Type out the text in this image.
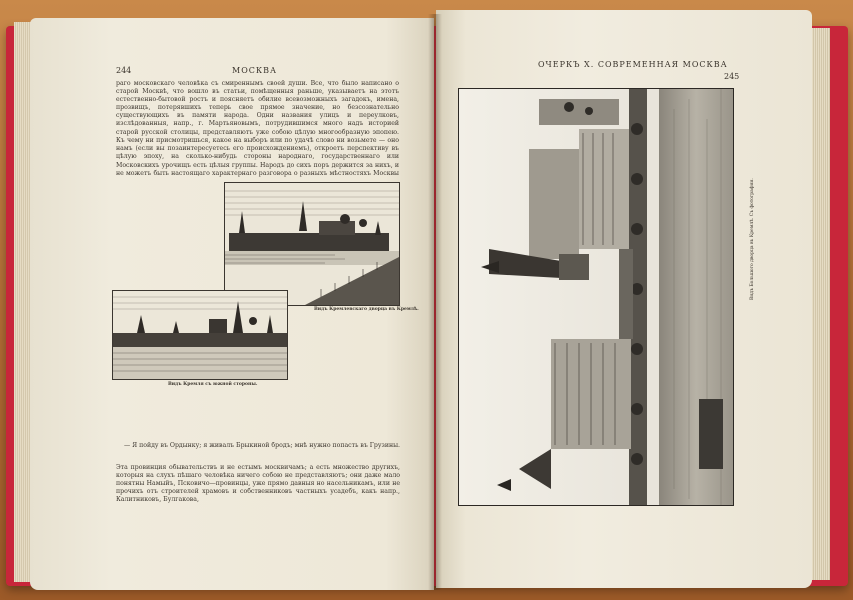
244	МОСКВА

раго московскаго человѣка съ смиреннымъ своей души. Все, что было написано о старой Москвѣ, что вошло въ статьи, помѣщенныя раньше, указываетъ на этотъ естественно-бытовой ростъ и поясняетъ обилие всевозможныхъ загадокъ, имена, прозвищъ, потерявшихъ теперь свое прямое значение, но безсознательно существующихъ въ памяти народа. Одни названия улицъ и переулковъ, изслѣдованныя, напр., г. Мартьяновымъ, потрудившимся много надъ историей старой русской столицы, представляютъ уже собою цѣлую многообразную эпопею. Къ чему ни присмотришься, какое на выборъ или по удачѣ слово ни возьмете — оно намъ (если вы позаинтересуетесь его происхождениемъ), откроетъ перспективу въ цѣлую эпоху, на сколько-нибудь стороны народнаго, государственнаго или

Московскихъ урочищъ есть цѣлыя группы. Народъ до сихъ поръ держится за нихъ, и не можетъ быть настоящаго характернаго разговора о разныхъ мѣстностяхъ Москвы

Видъ Кремлевскаго дворца въ Кремлѣ.
Видъ Кремля съ южной стороны.

— Я пойду въ Ордынку; я живалъ Брыкиной бродъ; мнѣ нужно попасть въ Грузины.

Эта провинция обывательствъ и не естымъ москвичамъ; а есть множество другихъ, которыя на слухъ пѣшаго человѣка ничего собою не представляютъ; они даже мало понятны Намыйъ, Псковичо—провинцы, уже прямо давныя но насельникамъ, или не прочихъ отъ строителей храмовъ и собственниковъ частныхъ усадебъ, какъ напр., Калитниковъ, Булгакова,

ОЧЕРКЪ Х. СОВРЕМЕННАЯ МОСКВА
245
Видъ Большого дворца въ Кремлѣ. Съ фотографии.
